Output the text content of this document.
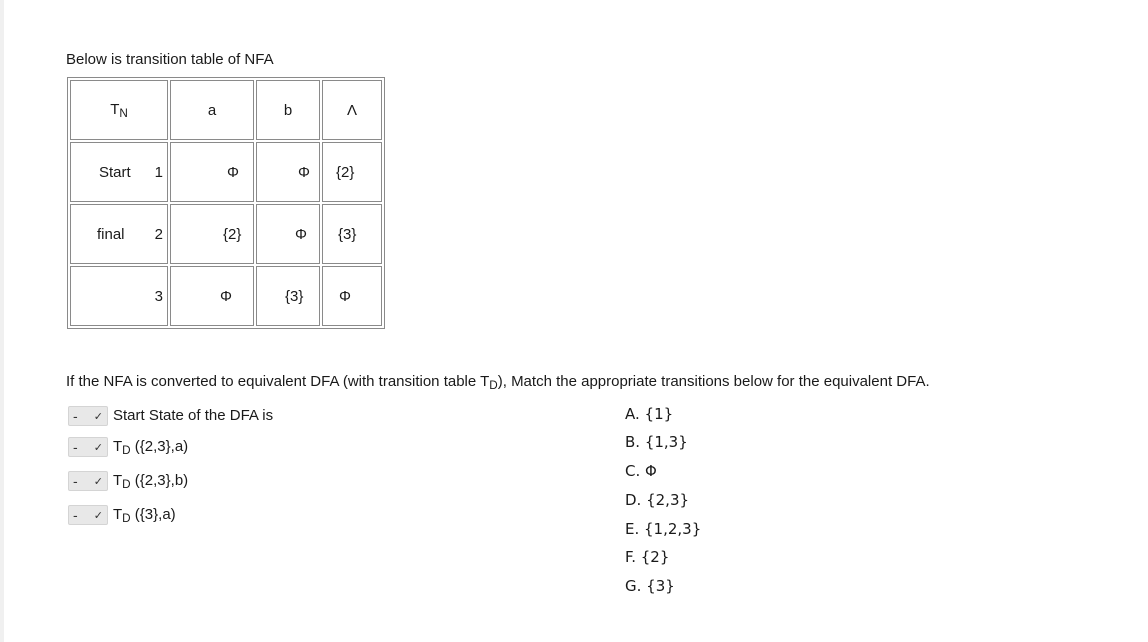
Below is transition table of NFA
$T_N$	a	b	Λ

Start 1	Φ	Φ	{2}

final 2	{2}	Φ	{3}

3	Φ	{3}	Φ
If the NFA is converted to equivalent DFA (with transition table $T_D$), Match the appropriate transitions below for the equivalent DFA.
- ✓ Start State of the DFA is
- ✓ $T_D$ ({2,3},a)
- ✓ $T_D$ ({2,3},b)
- ✓ $T_D$ ({3},a)
A. {1}
B. {1,3}
C. Φ
D. {2,3}
E. {1,2,3}
F. {2}
G. {3}
